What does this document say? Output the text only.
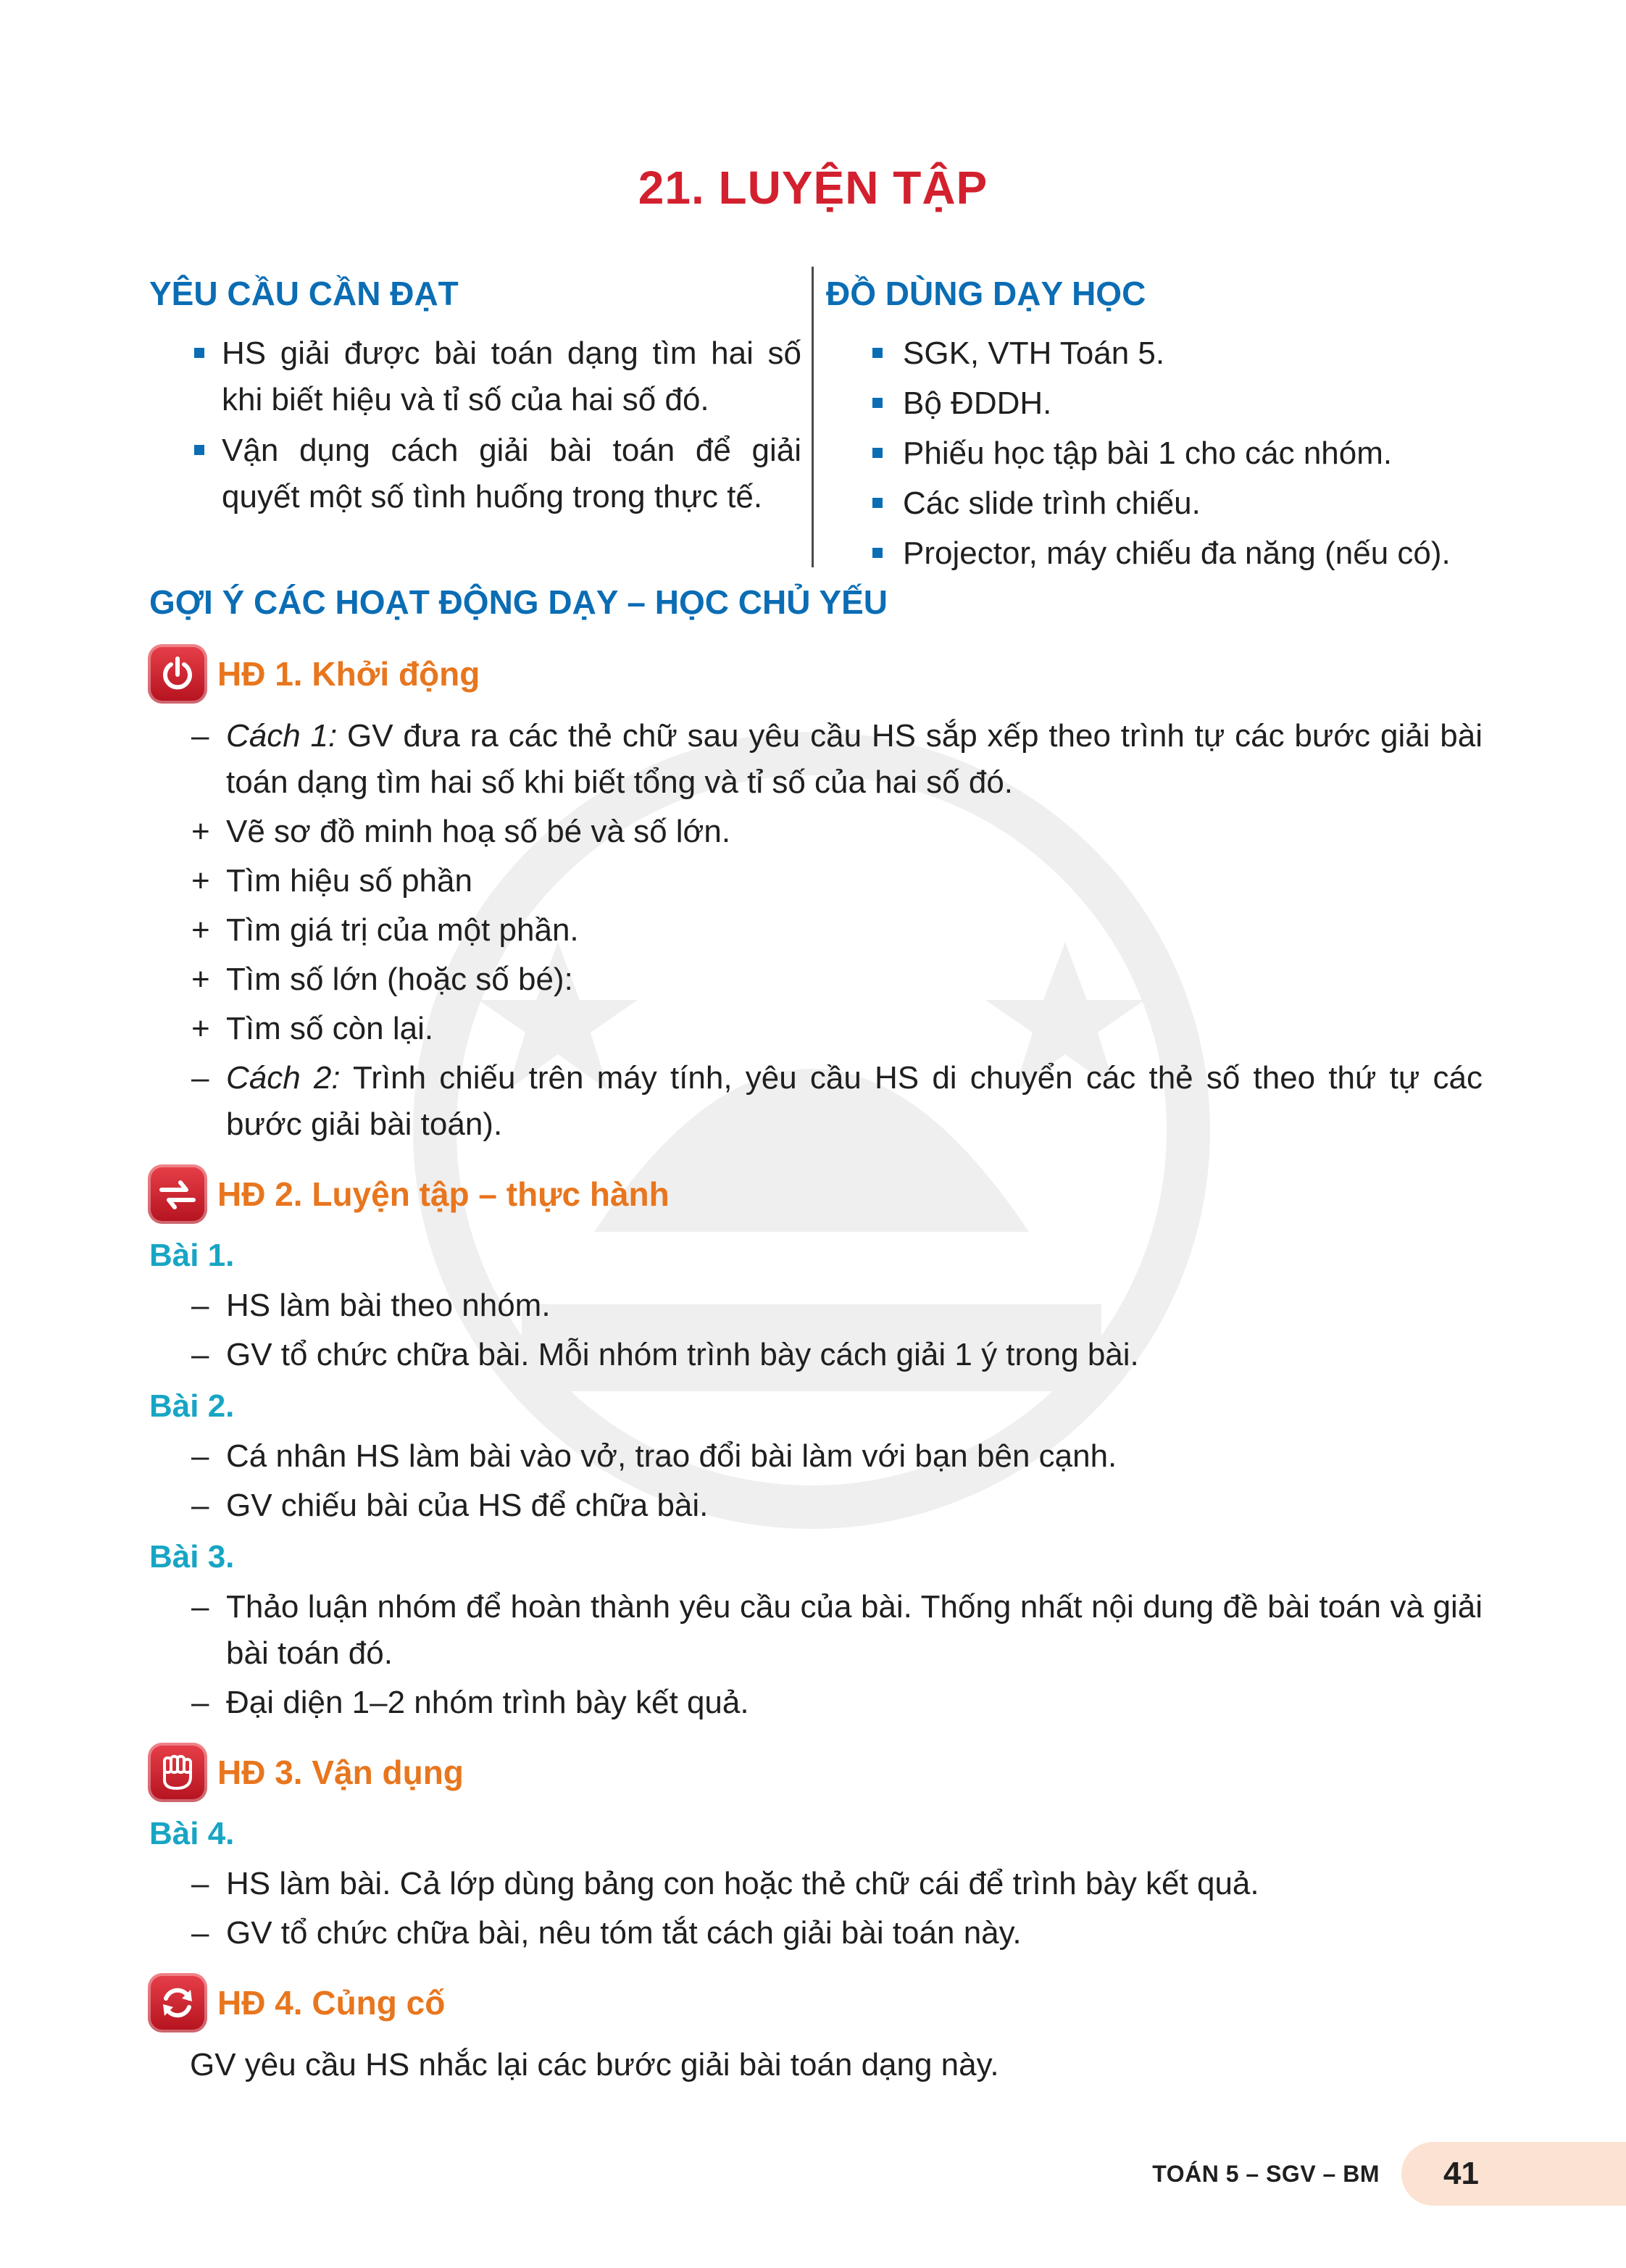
21. LUYỆN TẬP
YÊU CẦU CẦN ĐẠT
HS giải được bài toán dạng tìm hai số khi biết hiệu và tỉ số của hai số đó.
Vận dụng cách giải bài toán để giải quyết một số tình huống trong thực tế.
ĐỒ DÙNG DẠY HỌC
SGK, VTH Toán 5.
Bộ ĐDDH.
Phiếu học tập bài 1 cho các nhóm.
Các slide trình chiếu.
Projector, máy chiếu đa năng (nếu có).
GỢI Ý CÁC HOẠT ĐỘNG DẠY – HỌC CHỦ YẾU
HĐ 1. Khởi động
– Cách 1: GV đưa ra các thẻ chữ sau yêu cầu HS sắp xếp theo trình tự các bước giải bài toán dạng tìm hai số khi biết tổng và tỉ số của hai số đó.
+ Vẽ sơ đồ minh hoạ số bé và số lớn.
+ Tìm hiệu số phần
+ Tìm giá trị của một phần.
+ Tìm số lớn (hoặc số bé):
+ Tìm số còn lại.
– Cách 2: Trình chiếu trên máy tính, yêu cầu HS di chuyển các thẻ số theo thứ tự các bước giải bài toán).
HĐ 2. Luyện tập – thực hành
Bài 1.
– HS làm bài theo nhóm.
– GV tổ chức chữa bài. Mỗi nhóm trình bày cách giải 1 ý trong bài.
Bài 2.
– Cá nhân HS làm bài vào vở, trao đổi bài làm với bạn bên cạnh.
– GV chiếu bài của HS để chữa bài.
Bài 3.
– Thảo luận nhóm để hoàn thành yêu cầu của bài. Thống nhất nội dung đề bài toán và giải bài toán đó.
– Đại diện 1–2 nhóm trình bày kết quả.
HĐ 3. Vận dụng
Bài 4.
– HS làm bài. Cả lớp dùng bảng con hoặc thẻ chữ cái để trình bày kết quả.
– GV tổ chức chữa bài, nêu tóm tắt cách giải bài toán này.
HĐ 4. Củng cố
GV yêu cầu HS nhắc lại các bước giải bài toán dạng này.
TOÁN 5 – SGV – BM	41
